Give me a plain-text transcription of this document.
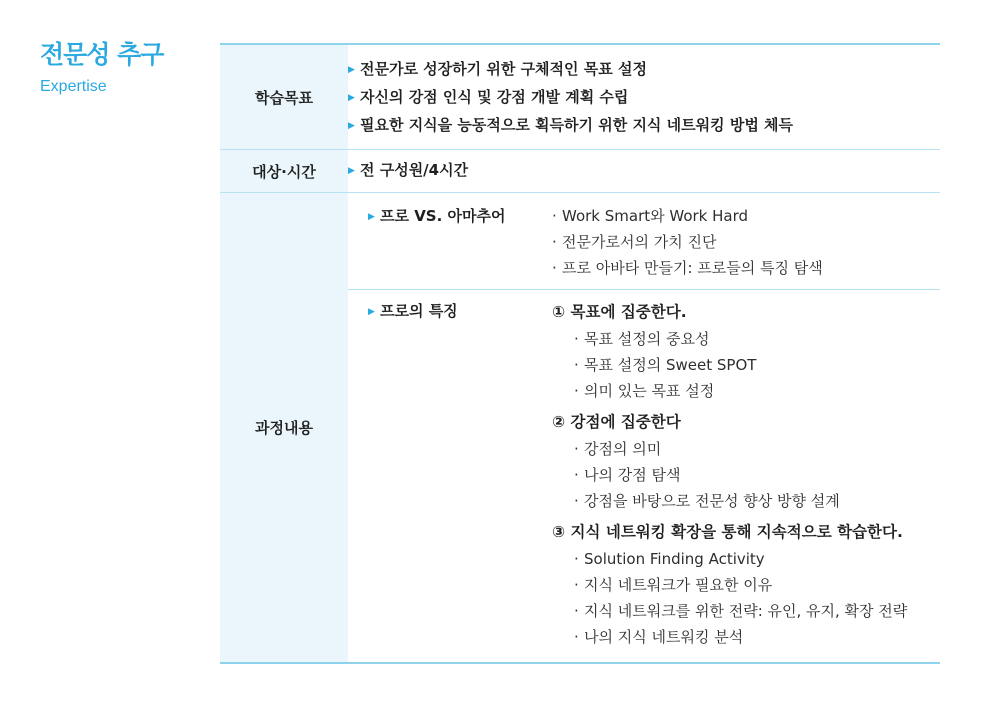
전문성 추구
Expertise
학습목표
▶ 전문가로 성장하기 위한 구체적인 목표 설정
▶ 자신의 강점 인식 및 강점 개발 계획 수립
▶ 필요한 지식을 능동적으로 획득하기 위한 지식 네트워킹 방법 체득
대상·시간	▶ 전 구성원/4시간
과정내용
▶ 프로 VS. 아마추어	· Work Smart와 Work Hard
· 전문가로서의 가치 진단
· 프로 아바타 만들기: 프로들의 특징 탐색
▶ 프로의 특징	① 목표에 집중한다.
· 목표 설정의 중요성
· 목표 설정의 Sweet SPOT
· 의미 있는 목표 설정
② 강점에 집중한다
· 강점의 의미
· 나의 강점 탐색
· 강점을 바탕으로 전문성 향상 방향 설계
③ 지식 네트워킹 확장을 통해 지속적으로 학습한다.
· Solution Finding Activity
· 지식 네트워크가 필요한 이유
· 지식 네트워크를 위한 전략: 유인, 유지, 확장 전략
· 나의 지식 네트워킹 분석
